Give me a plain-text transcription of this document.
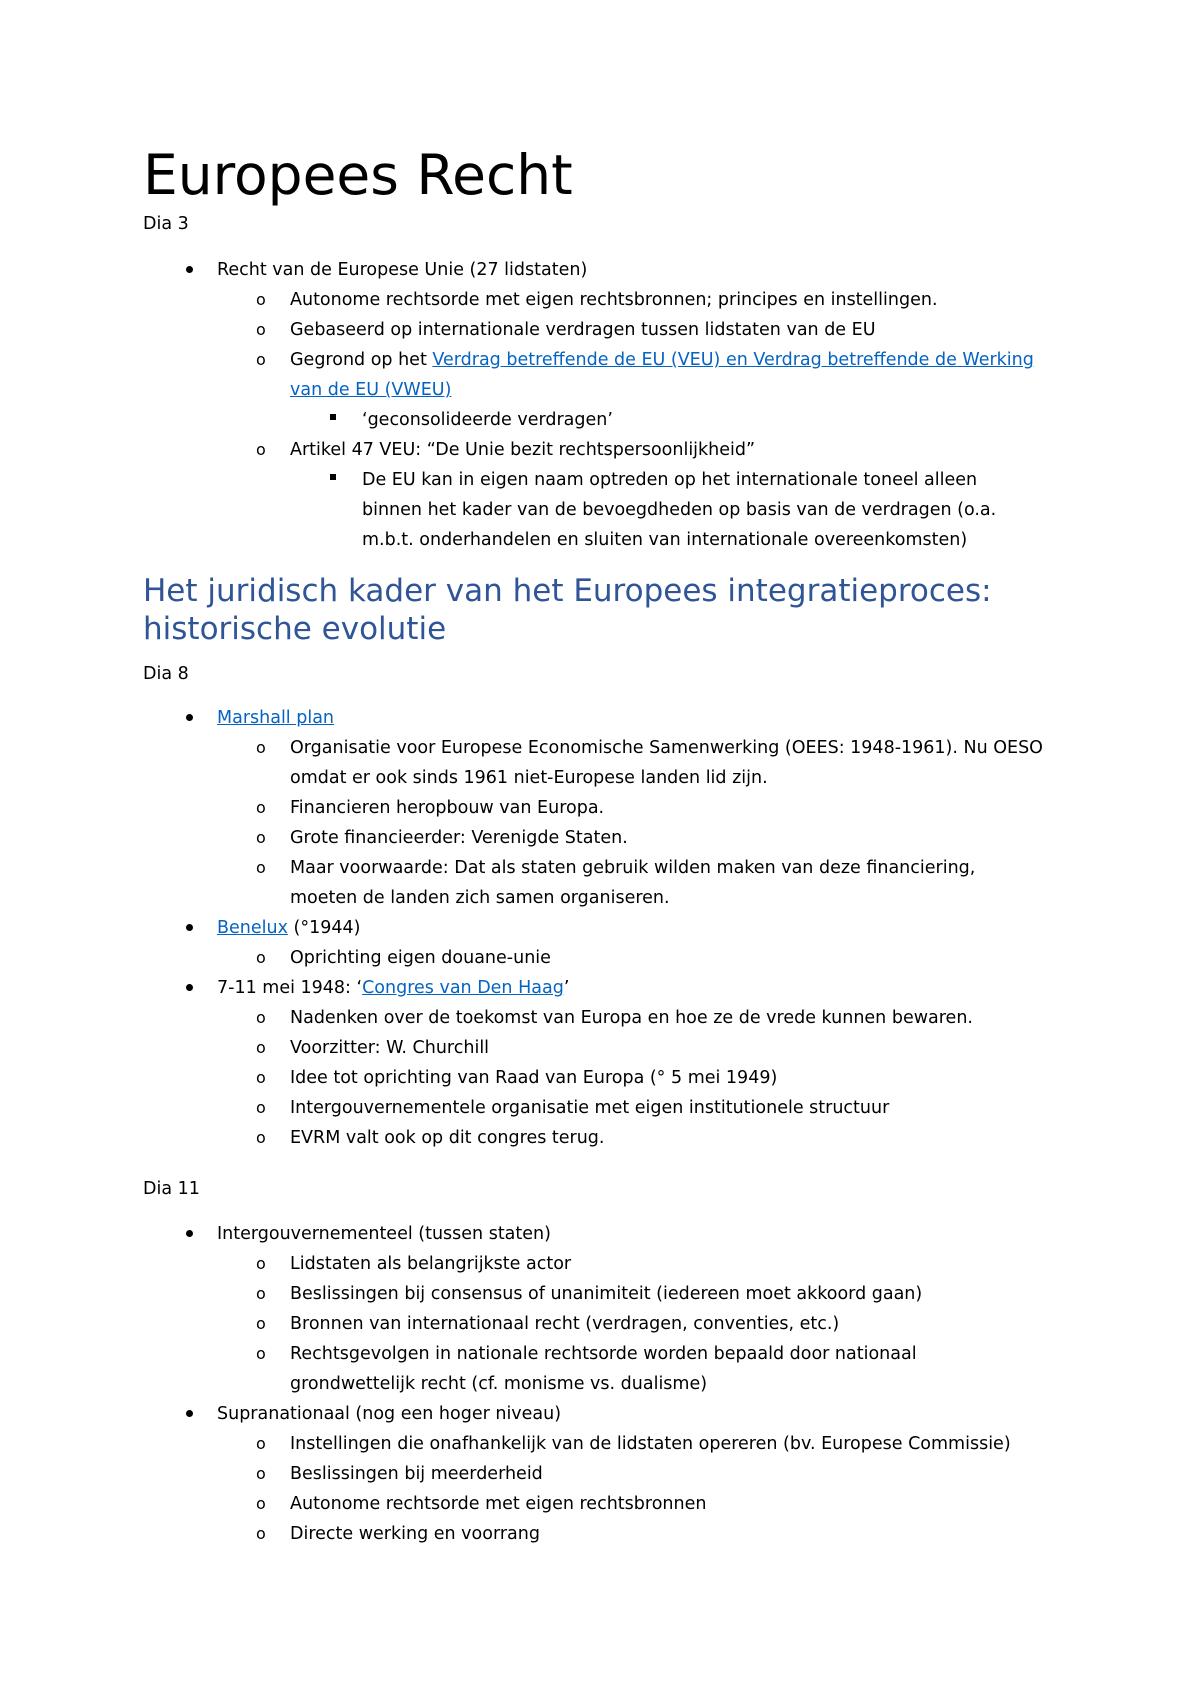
Europees Recht
Dia 3
Recht van de Europese Unie (27 lidstaten)
o Autonome rechtsorde met eigen rechtsbronnen; principes en instellingen.
o Gebaseerd op internationale verdragen tussen lidstaten van de EU
o Gegrond op het Verdrag betreffende de EU (VEU) en Verdrag betreffende de Werking
van de EU (VWEU)
‘geconsolideerde verdragen’
o Artikel 47 VEU: “De Unie bezit rechtspersoonlijkheid”
De EU kan in eigen naam optreden op het internationale toneel alleen
binnen het kader van de bevoegdheden op basis van de verdragen (o.a.
m.b.t. onderhandelen en sluiten van internationale overeenkomsten)
Het juridisch kader van het Europees integratieproces:
historische evolutie
Dia 8
Marshall plan
o Organisatie voor Europese Economische Samenwerking (OEES: 1948-1961). Nu OESO
omdat er ook sinds 1961 niet-Europese landen lid zijn.
o Financieren heropbouw van Europa.
o Grote financieerder: Verenigde Staten.
o Maar voorwaarde: Dat als staten gebruik wilden maken van deze financiering,
moeten de landen zich samen organiseren.
Benelux (°1944)
o Oprichting eigen douane-unie
7-11 mei 1948: ‘Congres van Den Haag’
o Nadenken over de toekomst van Europa en hoe ze de vrede kunnen bewaren.
o Voorzitter: W. Churchill
o Idee tot oprichting van Raad van Europa (° 5 mei 1949)
o Intergouvernementele organisatie met eigen institutionele structuur
o EVRM valt ook op dit congres terug.
Dia 11
Intergouvernementeel (tussen staten)
o Lidstaten als belangrijkste actor
o Beslissingen bij consensus of unanimiteit (iedereen moet akkoord gaan)
o Bronnen van internationaal recht (verdragen, conventies, etc.)
o Rechtsgevolgen in nationale rechtsorde worden bepaald door nationaal
grondwettelijk recht (cf. monisme vs. dualisme)
Supranationaal (nog een hoger niveau)
o Instellingen die onafhankelijk van de lidstaten opereren (bv. Europese Commissie)
o Beslissingen bij meerderheid
o Autonome rechtsorde met eigen rechtsbronnen
o Directe werking en voorrang
